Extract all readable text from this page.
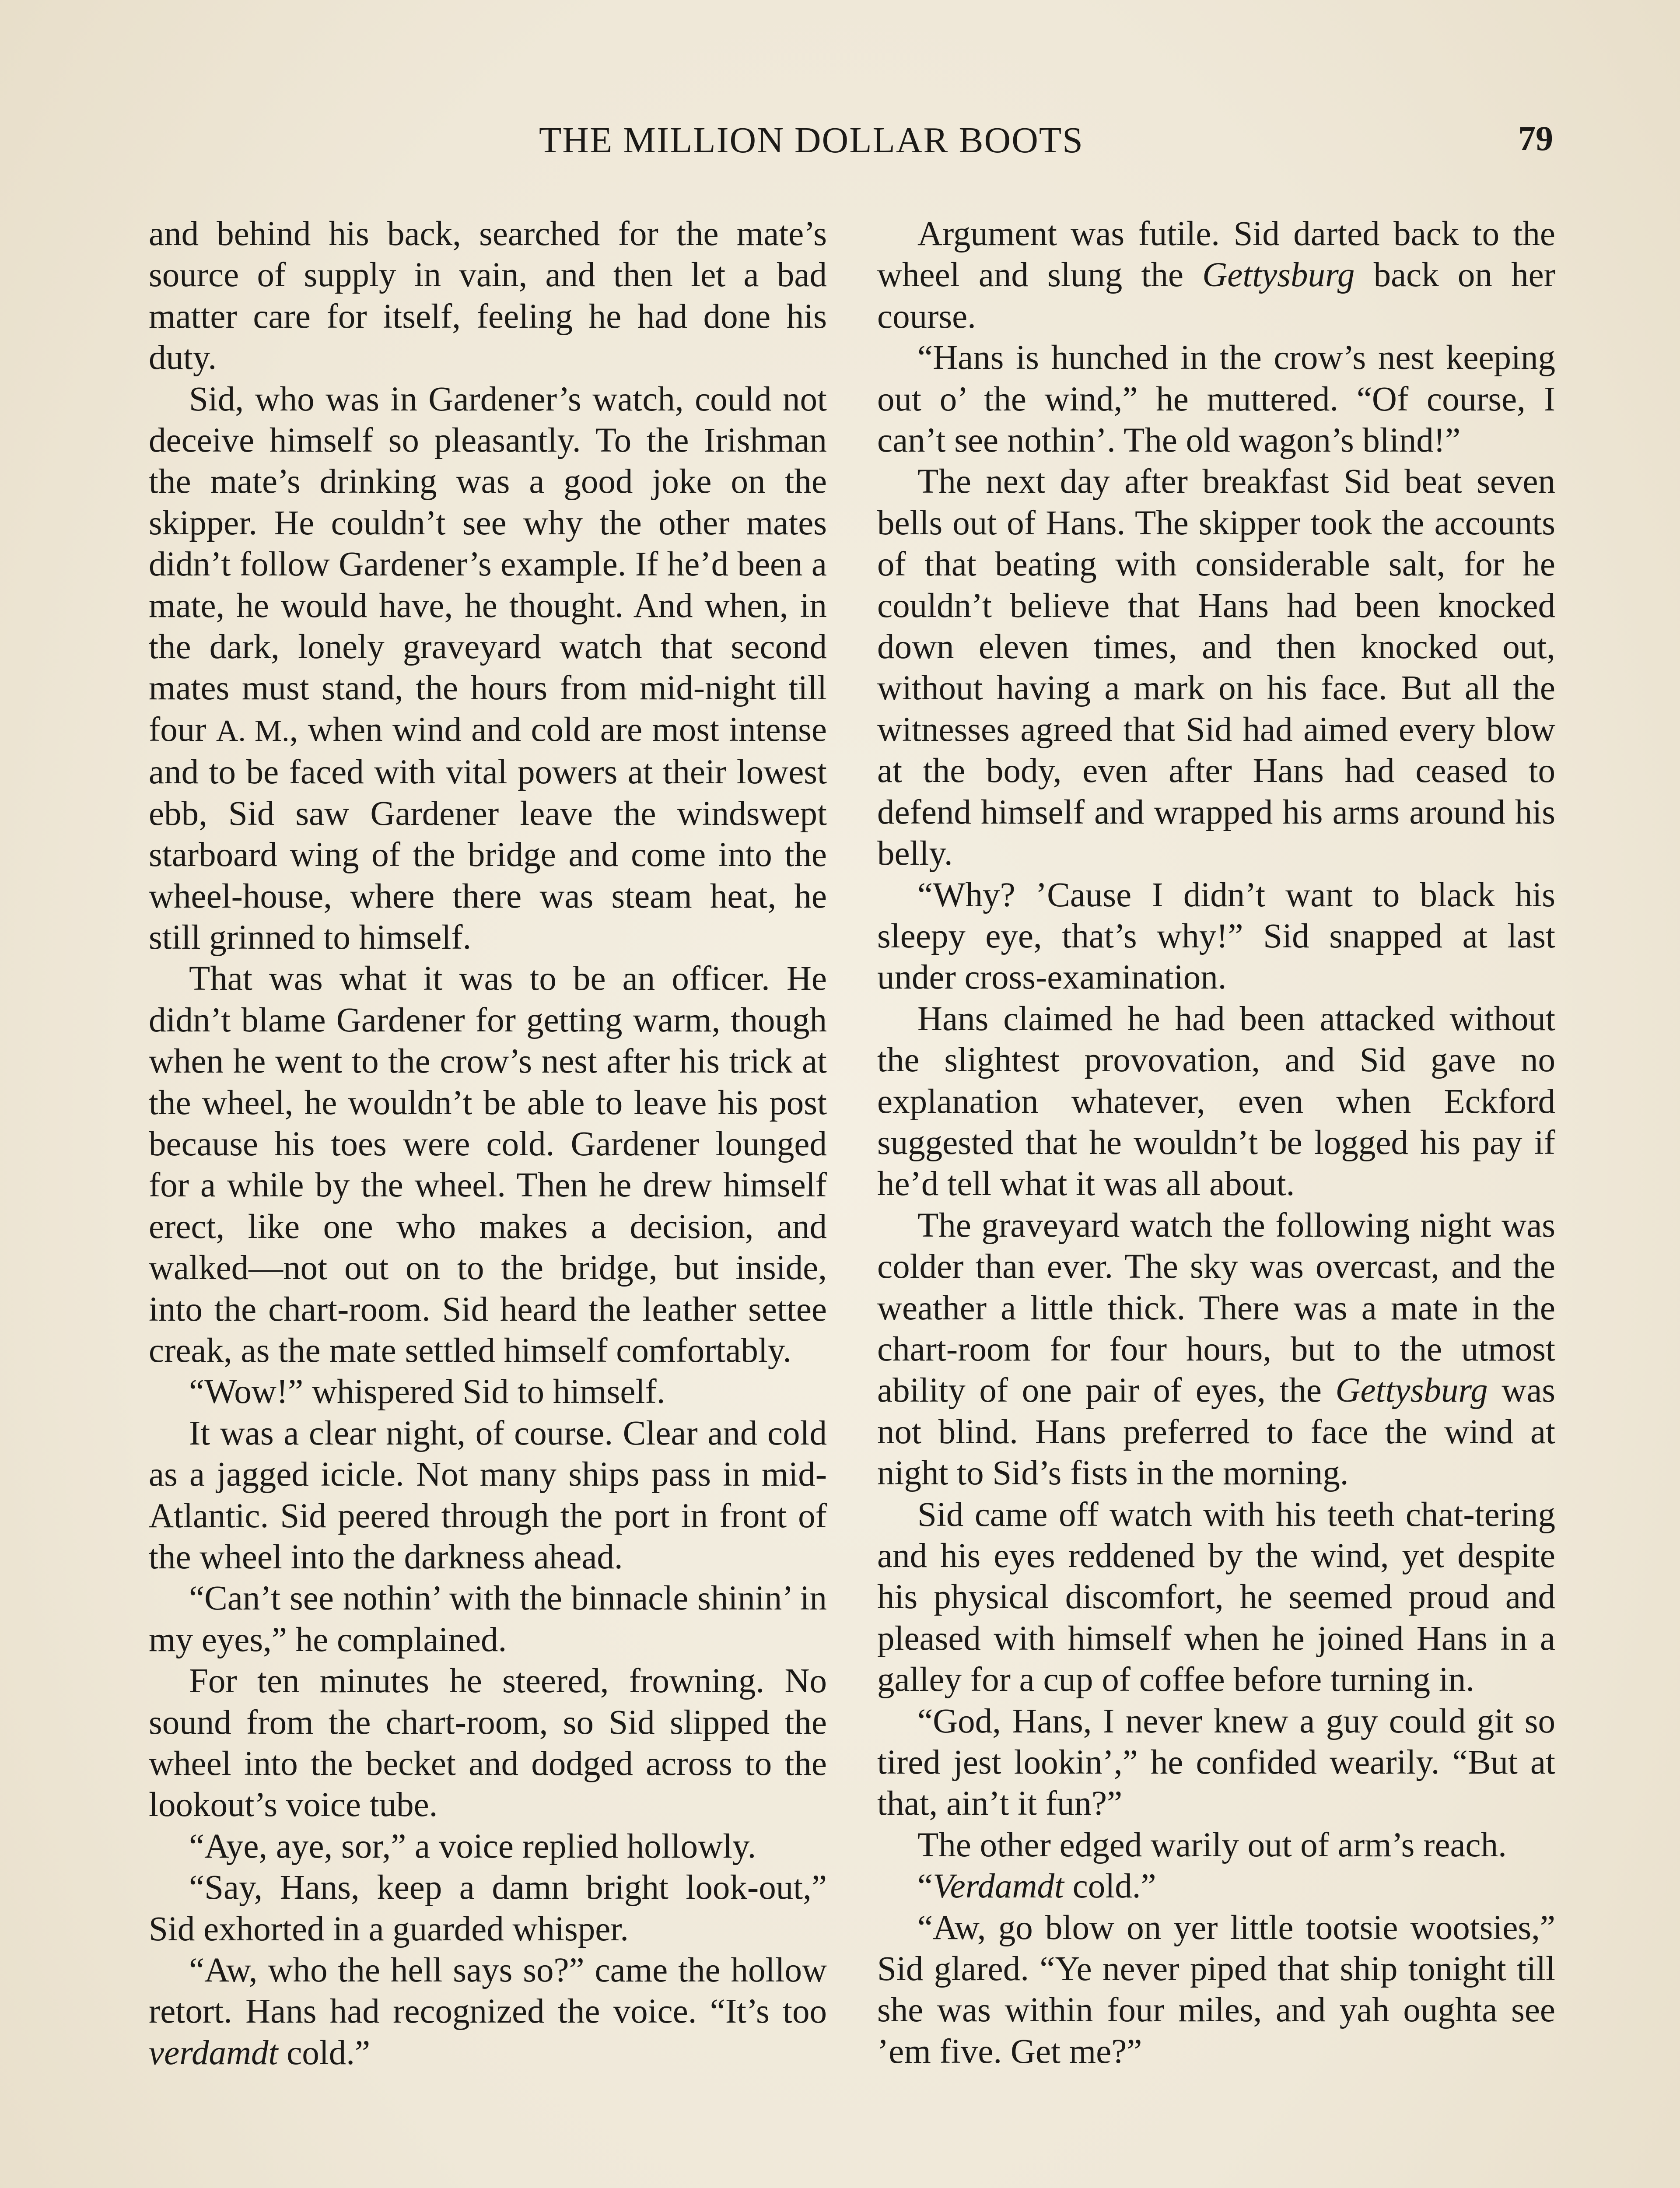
THE MILLION DOLLAR BOOTS	79

and behind his back, searched for the mate’s source of supply in vain, and then let a bad matter care for itself, feeling he had done his duty.

Sid, who was in Gardener’s watch, could not deceive himself so pleasantly. To the Irishman the mate’s drinking was a good joke on the skipper. He couldn’t see why the other mates didn’t follow Gardener’s example. If he’d been a mate, he would have, he thought. And when, in the dark, lonely graveyard watch that second mates must stand, the hours from mid-night till four A. M., when wind and cold are most intense and to be faced with vital powers at their lowest ebb, Sid saw Gardener leave the windswept starboard wing of the bridge and come into the wheel-house, where there was steam heat, he still grinned to himself.

That was what it was to be an officer. He didn’t blame Gardener for getting warm, though when he went to the crow’s nest after his trick at the wheel, he wouldn’t be able to leave his post because his toes were cold. Gardener lounged for a while by the wheel. Then he drew himself erect, like one who makes a decision, and walked—not out on to the bridge, but inside, into the chart-room. Sid heard the leather settee creak, as the mate settled himself comfortably.

“Wow!” whispered Sid to himself.

It was a clear night, of course. Clear and cold as a jagged icicle. Not many ships pass in mid-Atlantic. Sid peered through the port in front of the wheel into the darkness ahead.

“Can’t see nothin’ with the binnacle shinin’ in my eyes,” he complained.

For ten minutes he steered, frowning. No sound from the chart-room, so Sid slipped the wheel into the becket and dodged across to the lookout’s voice tube.

“Aye, aye, sor,” a voice replied hollowly.

“Say, Hans, keep a damn bright look-out,” Sid exhorted in a guarded whisper.

“Aw, who the hell says so?” came the hollow retort. Hans had recognized the voice. “It’s too verdamdt cold.”

Argument was futile. Sid darted back to the wheel and slung the Gettysburg back on her course.

“Hans is hunched in the crow’s nest keeping out o’ the wind,” he muttered. “Of course, I can’t see nothin’. The old wagon’s blind!”

The next day after breakfast Sid beat seven bells out of Hans. The skipper took the accounts of that beating with considerable salt, for he couldn’t believe that Hans had been knocked down eleven times, and then knocked out, without having a mark on his face. But all the witnesses agreed that Sid had aimed every blow at the body, even after Hans had ceased to defend himself and wrapped his arms around his belly.

“Why? ’Cause I didn’t want to black his sleepy eye, that’s why!” Sid snapped at last under cross-examination.

Hans claimed he had been attacked without the slightest provovation, and Sid gave no explanation whatever, even when Eckford suggested that he wouldn’t be logged his pay if he’d tell what it was all about.

The graveyard watch the following night was colder than ever. The sky was overcast, and the weather a little thick. There was a mate in the chart-room for four hours, but to the utmost ability of one pair of eyes, the Gettysburg was not blind. Hans preferred to face the wind at night to Sid’s fists in the morning.

Sid came off watch with his teeth chat-tering and his eyes reddened by the wind, yet despite his physical discomfort, he seemed proud and pleased with himself when he joined Hans in a galley for a cup of coffee before turning in.

“God, Hans, I never knew a guy could git so tired jest lookin’,” he confided wearily. “But at that, ain’t it fun?”

The other edged warily out of arm’s reach.

“Verdamdt cold.”

“Aw, go blow on yer little tootsie wootsies,” Sid glared. “Ye never piped that ship tonight till she was within four miles, and yah oughta see ’em five. Get me?”
